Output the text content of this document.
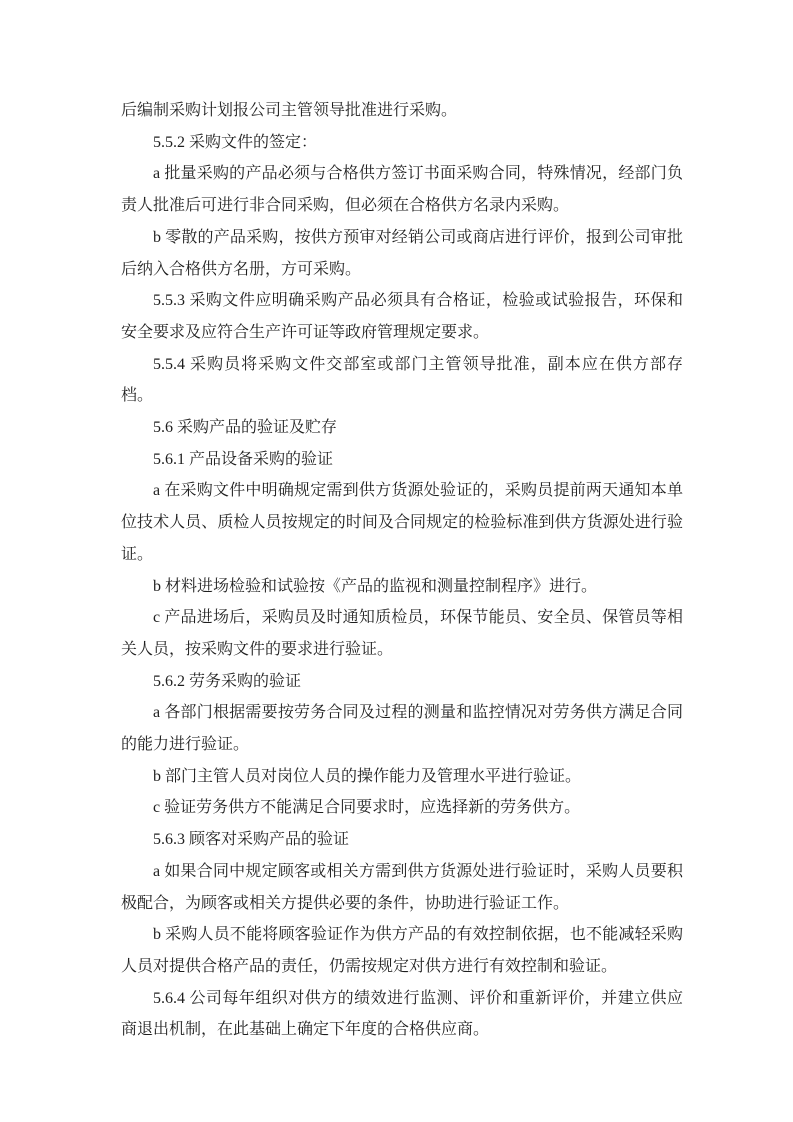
后编制采购计划报公司主管领导批准进行采购。

5.5.2 采购文件的签定：

a 批量采购的产品必须与合格供方签订书面采购合同，特殊情况，经部门负责人批准后可进行非合同采购，但必须在合格供方名录内采购。

b 零散的产品采购，按供方预审对经销公司或商店进行评价，报到公司审批后纳入合格供方名册，方可采购。

5.5.3 采购文件应明确采购产品必须具有合格证，检验或试验报告，环保和安全要求及应符合生产许可证等政府管理规定要求。

5.5.4 采购员将采购文件交部室或部门主管领导批准，副本应在供方部存档。

5.6 采购产品的验证及贮存

5.6.1 产品设备采购的验证

a 在采购文件中明确规定需到供方货源处验证的，采购员提前两天通知本单位技术人员、质检人员按规定的时间及合同规定的检验标准到供方货源处进行验证。

b 材料进场检验和试验按《产品的监视和测量控制程序》进行。

c 产品进场后，采购员及时通知质检员，环保节能员、安全员、保管员等相关人员，按采购文件的要求进行验证。

5.6.2 劳务采购的验证

a 各部门根据需要按劳务合同及过程的测量和监控情况对劳务供方满足合同的能力进行验证。

b 部门主管人员对岗位人员的操作能力及管理水平进行验证。

c 验证劳务供方不能满足合同要求时，应选择新的劳务供方。

5.6.3 顾客对采购产品的验证

a 如果合同中规定顾客或相关方需到供方货源处进行验证时，采购人员要积极配合，为顾客或相关方提供必要的条件，协助进行验证工作。

b 采购人员不能将顾客验证作为供方产品的有效控制依据，也不能减轻采购人员对提供合格产品的责任，仍需按规定对供方进行有效控制和验证。

5.6.4 公司每年组织对供方的绩效进行监测、评价和重新评价，并建立供应商退出机制，在此基础上确定下年度的合格供应商。
